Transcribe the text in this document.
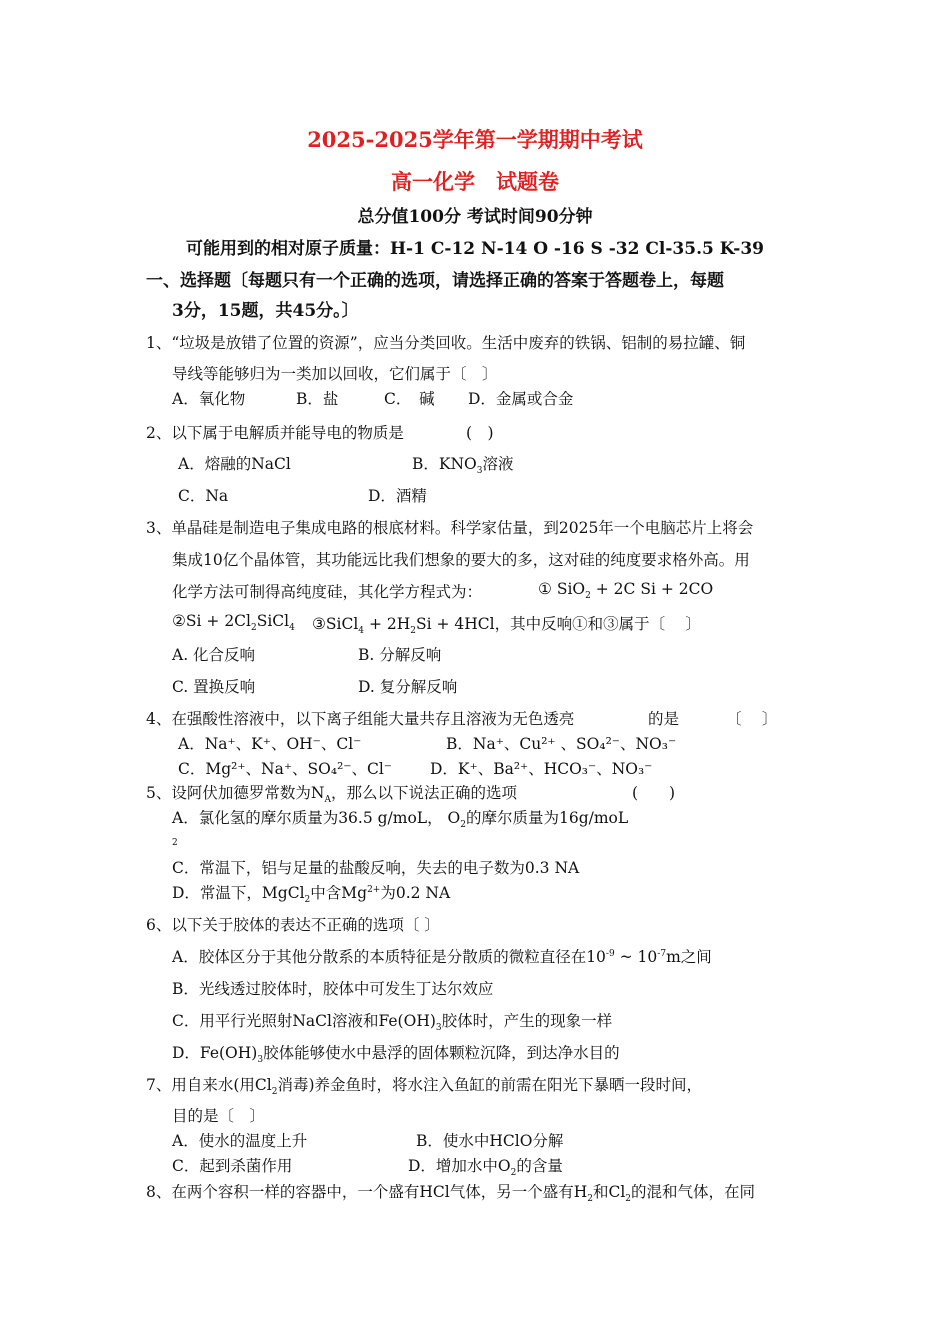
2025-2025学年第一学期期中考试
高一化学　试题卷
总分值100分 考试时间90分钟
可能用到的相对原子质量：H-1 C-12 N-14 O -16 S -32 Cl-35.5 K-39
一、选择题〔每题只有一个正确的选项，请选择正确的答案于答题卷上，每题
3分，15题，共45分。〕
1、“垃圾是放错了位置的资源”，应当分类回收。生活中废弃的铁锅、铝制的易拉罐、铜
导线等能够归为一类加以回收，它们属于〔　〕
A．氧化物	B．盐	C．　碱 D．金属或合金
2、以下属于电解质并能导电的物质是	(　)
A．熔融的NaCl	B．$KNO_3$溶液
C．Na	D．酒精
3、单晶硅是制造电子集成电路的根底材料。科学家估量，到2025年一个电脑芯片上将会
集成10亿个晶体管，其功能远比我们想象的要大的多，这对硅的纯度要求格外高。用
化学方法可制得高纯度硅，其化学方程式为：	① SiO$_2$ + 2C Si + 2CO
②Si + $2Cl_2SiCl_4$ ③SiCl$_4$ + $2H_2Si + 4HCl$，其中反响①和③属于〔　 〕
A. 化合反响	B. 分解反响
C. 置换反响	D. 复分解反响
4、在强酸性溶液中，以下离子组能大量共存且溶液为无色透亮	的是	〔　 〕
A．Na⁺、K⁺、OH⁻、Cl⁻	B．Na⁺、Cu²⁺ 、SO₄²⁻、NO₃⁻
C．Mg²⁺、Na⁺、SO₄²⁻、Cl⁻ D．K⁺、Ba²⁺、HCO₃⁻、NO₃⁻
5、设阿伏加德罗常数为$N_A$，那么以下说法正确的选项	(　　)
A．氯化氢的摩尔质量为36.5 g/moL， $O_2$的摩尔质量为16g/moL
2
C．常温下，铝与足量的盐酸反响，失去的电子数为0.3 NA
D．常温下，MgCl$_2$中含$Mg^{2+}$为0.2 NA
6、以下关于胶体的表达不正确的选项〔 〕
A．胶体区分于其他分散系的本质特征是分散质的微粒直径在$10^{-9}$ ~ $10^{-7}m$之间
B．光线透过胶体时，胶体中可发生丁达尔效应
C．用平行光照射NaCl溶液和$Fe(OH)_3$胶体时，产生的现象一样
D．$Fe(OH)_3$胶体能够使水中悬浮的固体颗粒沉降，到达净水目的
7、用自来水(用$Cl_2$消毒)养金鱼时，将水注入鱼缸的前需在阳光下暴晒一段时间，
目的是〔　〕
A．使水的温度上升	B．使水中HClO分解
C．起到杀菌作用	D．增加水中$O_2$的含量
8、在两个容积一样的容器中，一个盛有HCl气体，另一个盛有$H_2$和$Cl_2$的混和气体，在同
